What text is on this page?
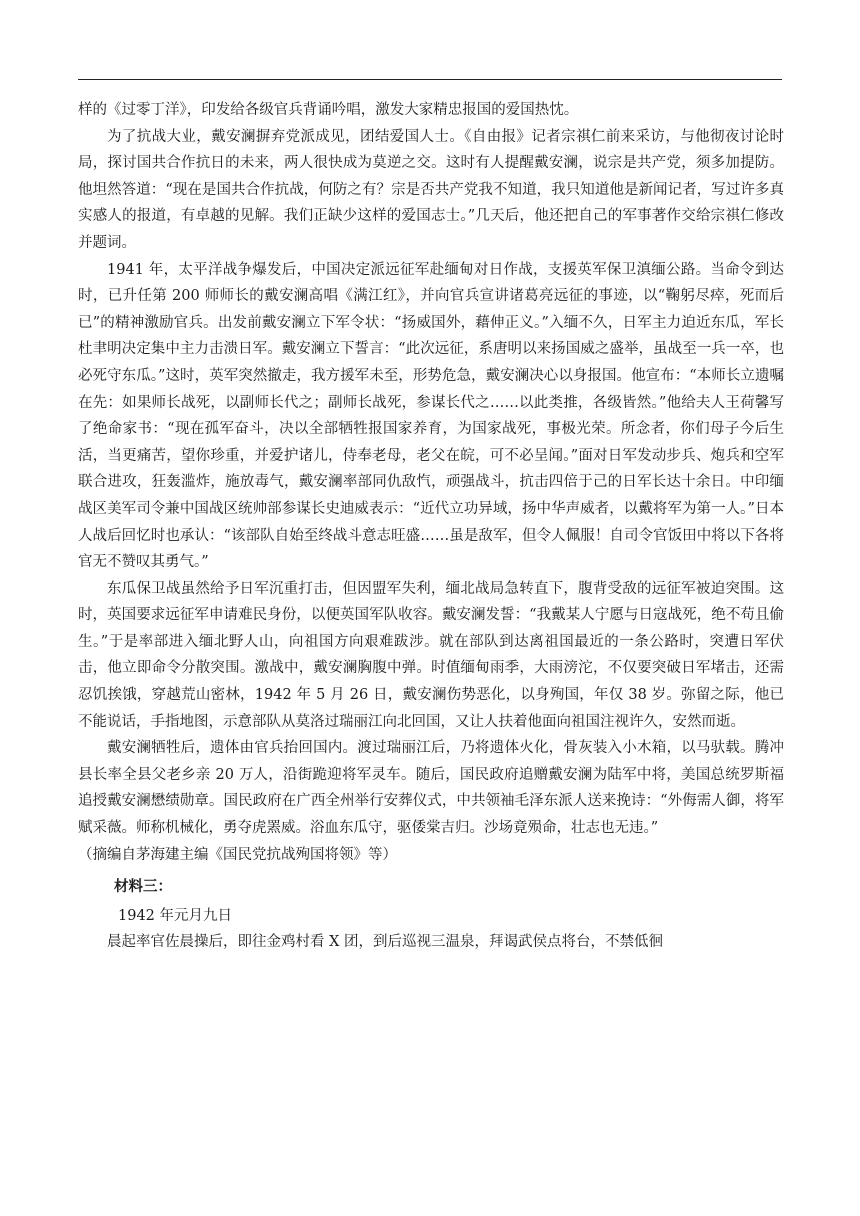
样的《过零丁洋》，印发给各级官兵背诵吟唱，激发大家精忠报国的爱国热忱。

为了抗战大业，戴安澜摒弃党派成见，团结爱国人士。《自由报》记者宗祺仁前来采访，与他彻夜讨论时局，探讨国共合作抗日的未来，两人很快成为莫逆之交。这时有人提醒戴安澜，说宗是共产党，须多加提防。他坦然答道：“现在是国共合作抗战，何防之有？宗是否共产党我不知道，我只知道他是新闻记者，写过许多真实感人的报道，有卓越的见解。我们正缺少这样的爱国志士。”几天后，他还把自己的军事著作交给宗祺仁修改并题词。

1941 年，太平洋战争爆发后，中国决定派远征军赴缅甸对日作战，支援英军保卫滇缅公路。当命令到达时，已升任第 200 师师长的戴安澜高唱《满江红》，并向官兵宣讲诸葛亮远征的事迹，以“鞠躬尽瘁，死而后已”的精神激励官兵。出发前戴安澜立下军令状：“扬威国外，藉伸正义。”入缅不久，日军主力迫近东瓜，军长杜聿明决定集中主力击溃日军。戴安澜立下誓言：“此次远征，系唐明以来扬国威之盛举，虽战至一兵一卒，也必死守东瓜。”这时，英军突然撤走，我方援军未至，形势危急，戴安澜决心以身报国。他宣布：“本师长立遗嘱在先：如果师长战死，以副师长代之；副师长战死，参谋长代之……以此类推，各级皆然。”他给夫人王荷馨写了绝命家书：“现在孤军奋斗，决以全部牺牲报国家养育，为国家战死，事极光荣。所念者，你们母子今后生活，当更痛苦，望你珍重，并爱护诸儿，侍奉老母，老父在皖，可不必呈闻。”面对日军发动步兵、炮兵和空军联合进攻，狂轰滥炸，施放毒气，戴安澜率部同仇敌忾，顽强战斗，抗击四倍于己的日军长达十余日。中印缅战区美军司令兼中国战区统帅部参谋长史迪威表示：“近代立功异域，扬中华声威者，以戴将军为第一人。”日本人战后回忆时也承认：“该部队自始至终战斗意志旺盛……虽是敌军，但令人佩服！自司令官饭田中将以下各将官无不赞叹其勇气。”

东瓜保卫战虽然给予日军沉重打击，但因盟军失利，缅北战局急转直下，腹背受敌的远征军被迫突围。这时，英国要求远征军申请难民身份，以便英国军队收容。戴安澜发誓：“我戴某人宁愿与日寇战死，绝不苟且偷生。”于是率部进入缅北野人山，向祖国方向艰难跋涉。就在部队到达离祖国最近的一条公路时，突遭日军伏击，他立即命令分散突围。激战中，戴安澜胸腹中弹。时值缅甸雨季，大雨滂沱，不仅要突破日军堵击，还需忍饥挨饿，穿越荒山密林，1942 年 5 月 26 日，戴安澜伤势恶化，以身殉国，年仅 38 岁。弥留之际，他已不能说话，手指地图，示意部队从莫洛过瑞丽江向北回国，又让人扶着他面向祖国注视许久，安然而逝。

戴安澜牺牲后，遗体由官兵抬回国内。渡过瑞丽江后，乃将遗体火化，骨灰装入小木箱，以马驮载。腾冲县长率全县父老乡亲 20 万人，沿街跪迎将军灵车。随后，国民政府追赠戴安澜为陆军中将，美国总统罗斯福追授戴安澜懋绩勋章。国民政府在广西全州举行安葬仪式，中共领袖毛泽东派人送来挽诗：“外侮需人御，将军赋采薇。师称机械化，勇夺虎罴威。浴血东瓜守，驱倭棠吉归。沙场竟殒命，壮志也无违。”

（摘编自茅海建主编《国民党抗战殉国将领》等）

材料三：

1942 年元月九日

晨起率官佐晨操后，即往金鸡村看 X 团，到后巡视三温泉，拜谒武侯点将台，不禁低徊
